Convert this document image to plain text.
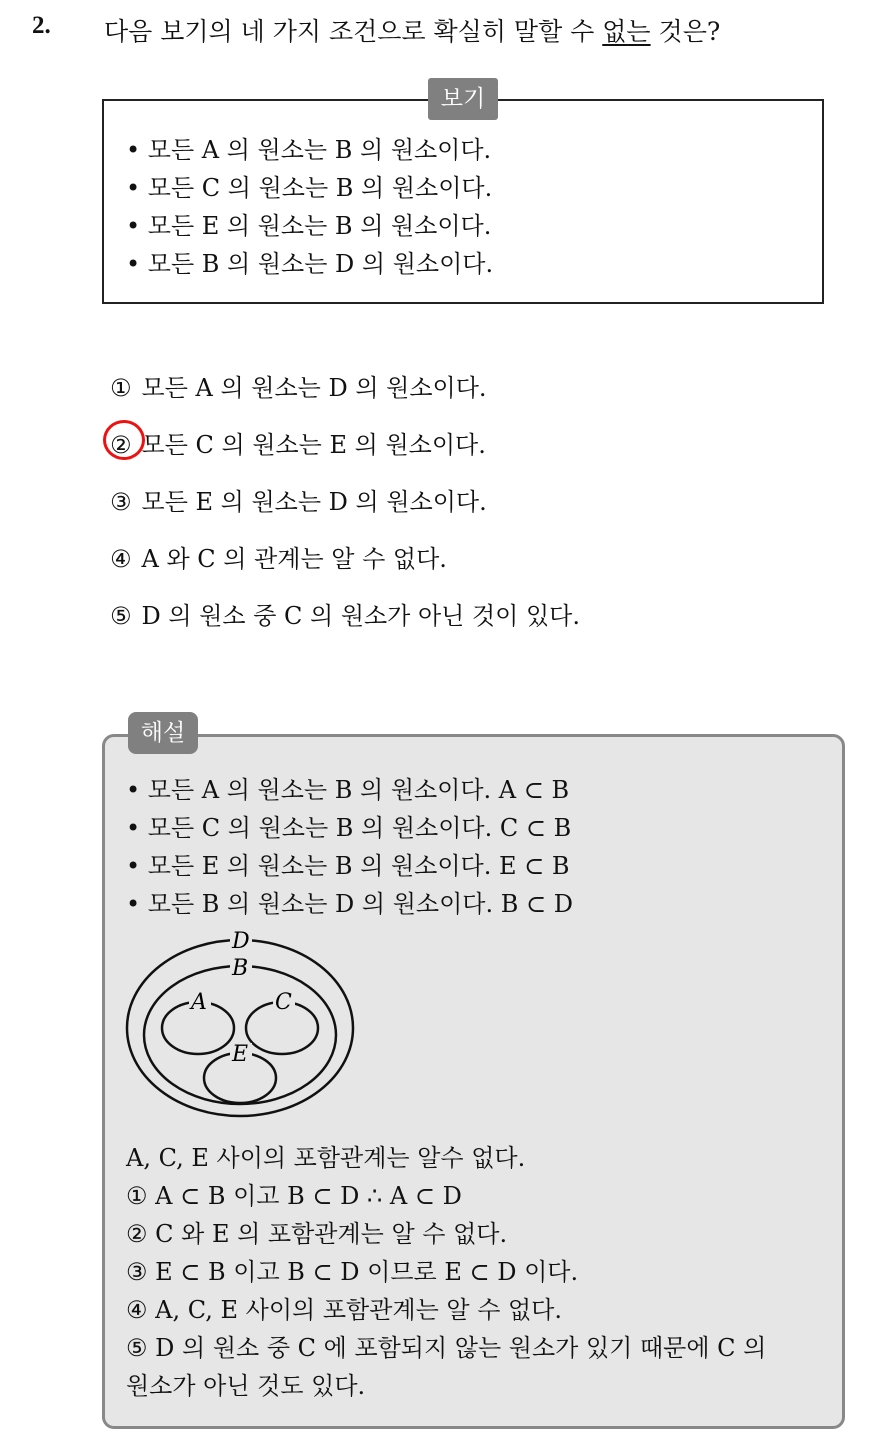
2. 다음 보기의 네 가지 조건으로 확실히 말할 수 없는 것은?
보기
• 모든 A 의 원소는 B 의 원소이다.
• 모든 C 의 원소는 B 의 원소이다.
• 모든 E 의 원소는 B 의 원소이다.
• 모든 B 의 원소는 D 의 원소이다.
① 모든 A 의 원소는 D 의 원소이다.
② 모든 C 의 원소는 E 의 원소이다.
③ 모든 E 의 원소는 D 의 원소이다.
④ A 와 C 의 관계는 알 수 없다.
⑤ D 의 원소 중 C 의 원소가 아닌 것이 있다.
해설
• 모든 A 의 원소는 B 의 원소이다. A ⊂ B
• 모든 C 의 원소는 B 의 원소이다. C ⊂ B
• 모든 E 의 원소는 B 의 원소이다. E ⊂ B
• 모든 B 의 원소는 D 의 원소이다. B ⊂ D
D
B
A	C
E
A, C, E 사이의 포함관계는 알수 없다.
① A ⊂ B 이고 B ⊂ D ∴ A ⊂ D
② C 와 E 의 포함관계는 알 수 없다.
③ E ⊂ B 이고 B ⊂ D 이므로 E ⊂ D 이다.
④ A, C, E 사이의 포함관계는 알 수 없다.
⑤ D 의 원소 중 C 에 포함되지 않는 원소가 있기 때문에 C 의
원소가 아닌 것도 있다.
